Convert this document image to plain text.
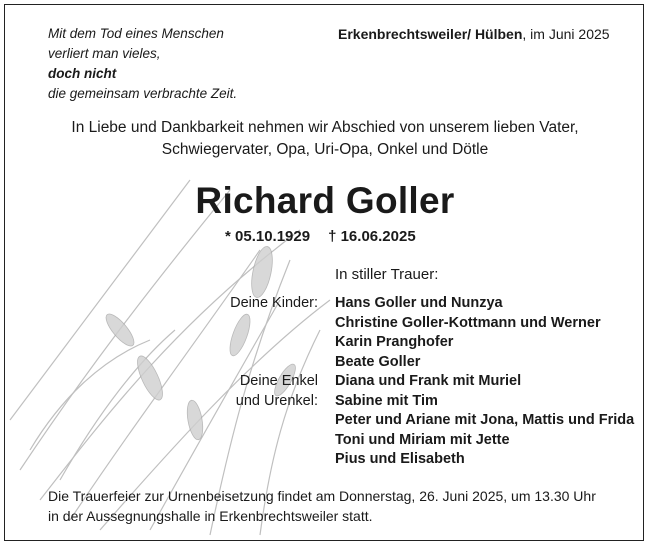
Mit dem Tod eines Menschen
verliert man vieles,
doch nicht
die gemeinsam verbrachte Zeit.
Erkenbrechtsweiler/ Hülben, im Juni 2025
In Liebe und Dankbarkeit nehmen wir Abschied von unserem lieben Vater,
Schwiegervater, Opa, Uri-Opa, Onkel und Dötle
Richard Goller
* 05.10.1929 † 16.06.2025
In stiller Trauer:
Deine Kinder: Hans Goller und Nunzya
Christine Goller-Kottmann und Werner
Karin Pranghofer
Beate Goller
Deine Enkel
und Urenkel:
Diana und Frank mit Muriel
Sabine mit Tim
Peter und Ariane mit Jona, Mattis und Frida
Toni und Miriam mit Jette
Pius und Elisabeth
Die Trauerfeier zur Urnenbeisetzung findet am Donnerstag, 26. Juni 2025, um 13.30 Uhr
in der Aussegnungshalle in Erkenbrechtsweiler statt.
